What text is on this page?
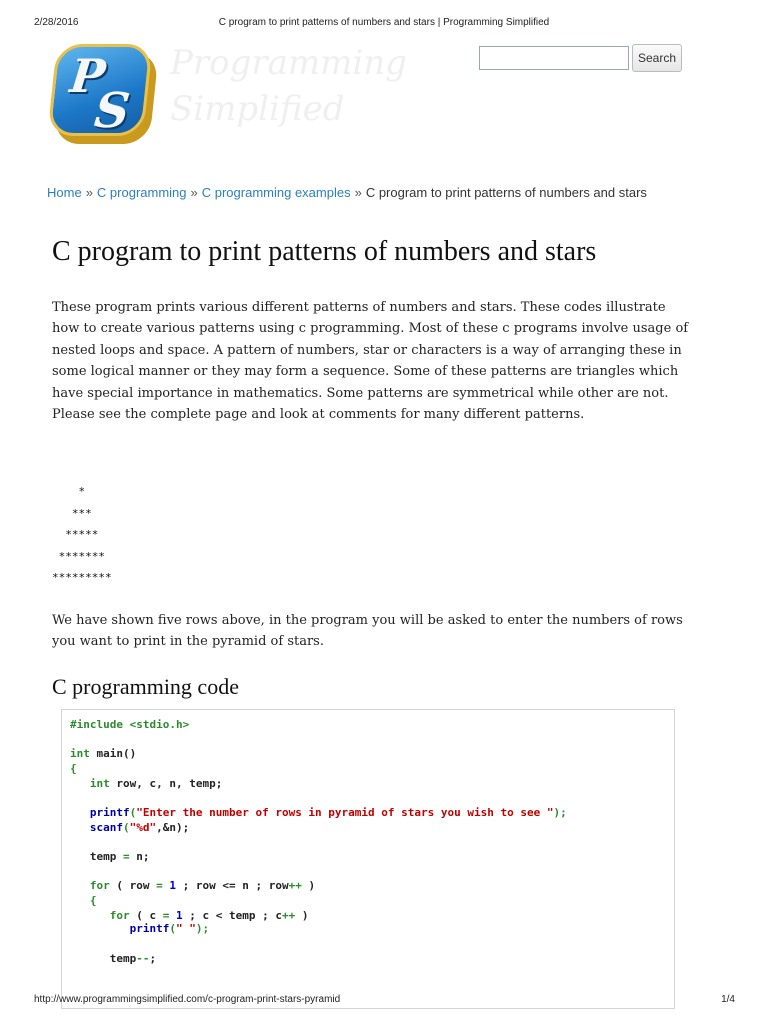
2/28/2016	C program to print patterns of numbers and stars | Programming Simplified
P
S
Programming
Simplified
Search
Home » C programming » C programming examples » C program to print patterns of numbers and stars
C program to print patterns of numbers and stars

These program prints various different patterns of numbers and stars. These codes illustrate how to create various patterns using c programming. Most of these c programs involve usage of nested loops and space. A pattern of numbers, star or characters is a way of arranging these in some logical manner or they may form a sequence. Some of these patterns are triangles which have special importance in mathematics. Some patterns are symmetrical while other are not. Please see the complete page and look at comments for many different patterns.

*
***
*****
*******
*********

We have shown five rows above, in the program you will be asked to enter the numbers of rows you want to print in the pyramid of stars.

C programming code
#include <stdio.h>
int main()
{
int row, c, n, temp;
printf("Enter the number of rows in pyramid of stars you wish to see ");
scanf("%d",&n);
temp = n;
for ( row = 1 ; row <= n ; row++ )
{
for ( c = 1 ; c < temp ; c++ )
printf(" ");
temp--;
http://www.programmingsimplified.com/c-program-print-stars-pyramid	1/4
